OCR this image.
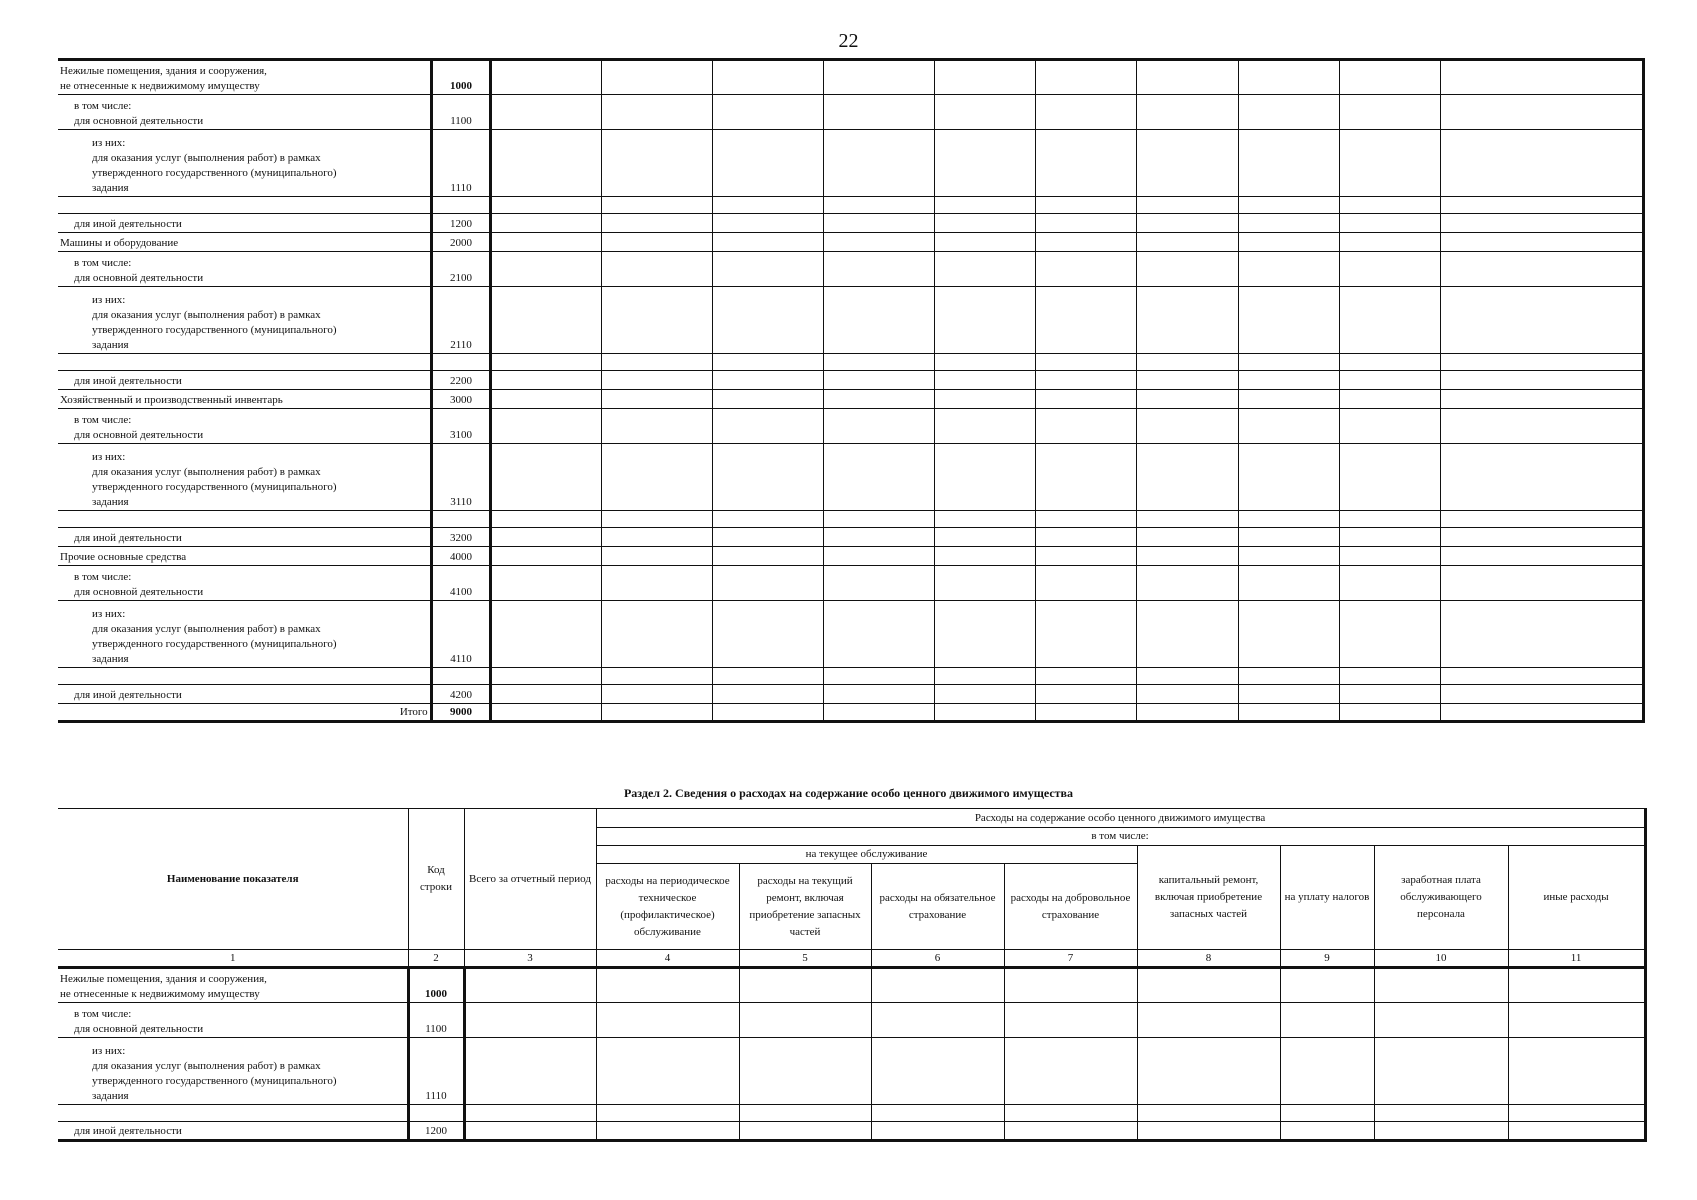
22
Нежилые помещения, здания и сооружения,
не отнесенные к недвижимому имуществу	1000										

в том числе:
для основной деятельности	1100										

из них:
для оказания услуг (выполнения работ) в рамках
утвержденного государственного (муниципального)
задания	1110										

для иной деятельности	1200										

Машины и оборудование	2000										

в том числе:
для основной деятельности	2100										

из них:
для оказания услуг (выполнения работ) в рамках
утвержденного государственного (муниципального)
задания	2110										

для иной деятельности	2200										

Хозяйственный и производственный инвентарь	3000										

в том числе:
для основной деятельности	3100										

из них:
для оказания услуг (выполнения работ) в рамках
утвержденного государственного (муниципального)
задания	3110										

для иной деятельности	3200										

Прочие основные средства	4000										

в том числе:
для основной деятельности	4100										

из них:
для оказания услуг (выполнения работ) в рамках
утвержденного государственного (муниципального)
задания	4110										

для иной деятельности	4200										
Итого	9000										
Раздел 2. Сведения о расходах на содержание особо ценного движимого имущества
Наименование показателя	Код строки	Всего за отчетный период	Расходы на содержание особо ценного движимого имущества							
			в том числе:							
			на текущее обслуживание				капитальный ремонт, включая приобретение запасных частей	на уплату налогов	заработная плата обслуживающего персонала	иные расходы
			расходы на периодическое техническое (профилактическое) обслуживание	расходы на текущий ремонт, включая приобретение запасных частей	расходы на обязательное страхование	расходы на добровольное страхование				
1	2	3	4	5	6	7	8	9	10	11

Нежилые помещения, здания и сооружения,
не отнесенные к недвижимому имуществу	1000									

в том числе:
для основной деятельности	1100									

из них:
для оказания услуг (выполнения работ) в рамках
утвержденного государственного (муниципального)
задания	1110									

для иной деятельности	1200									
